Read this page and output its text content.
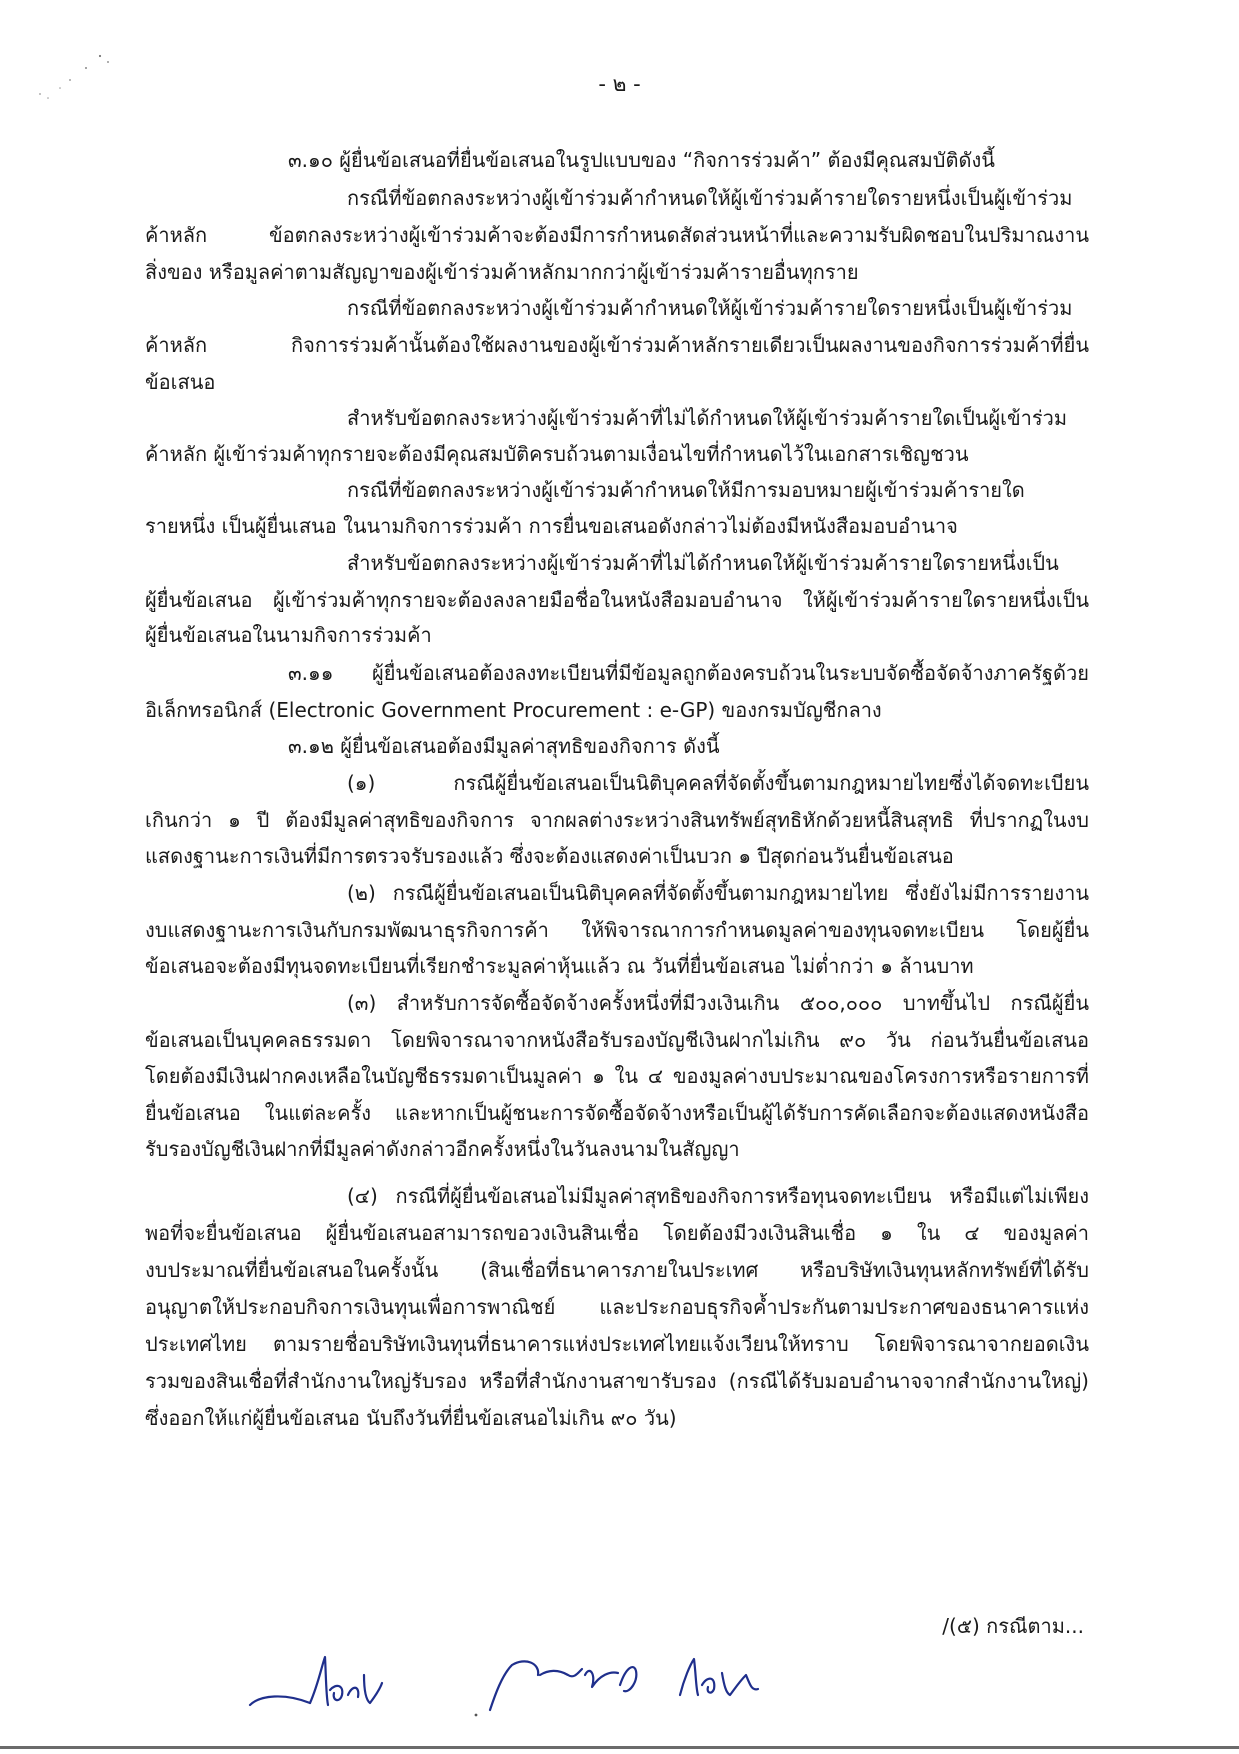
- ๒ -
๓.๑๐ ผู้ยื่นข้อเสนอที่ยื่นข้อเสนอในรูปแบบของ “กิจการร่วมค้า” ต้องมีคุณสมบัติดังนี้
กรณีที่ข้อตกลงระหว่างผู้เข้าร่วมค้ากำหนดให้ผู้เข้าร่วมค้ารายใดรายหนึ่งเป็นผู้เข้าร่วม
ค้าหลัก ข้อตกลงระหว่างผู้เข้าร่วมค้าจะต้องมีการกำหนดสัดส่วนหน้าที่และความรับผิดชอบในปริมาณงาน
สิ่งของ หรือมูลค่าตามสัญญาของผู้เข้าร่วมค้าหลักมากกว่าผู้เข้าร่วมค้ารายอื่นทุกราย
กรณีที่ข้อตกลงระหว่างผู้เข้าร่วมค้ากำหนดให้ผู้เข้าร่วมค้ารายใดรายหนึ่งเป็นผู้เข้าร่วม
ค้าหลัก กิจการร่วมค้านั้นต้องใช้ผลงานของผู้เข้าร่วมค้าหลักรายเดียวเป็นผลงานของกิจการร่วมค้าที่ยื่น
ข้อเสนอ
สำหรับข้อตกลงระหว่างผู้เข้าร่วมค้าที่ไม่ได้กำหนดให้ผู้เข้าร่วมค้ารายใดเป็นผู้เข้าร่วม
ค้าหลัก ผู้เข้าร่วมค้าทุกรายจะต้องมีคุณสมบัติครบถ้วนตามเงื่อนไขที่กำหนดไว้ในเอกสารเชิญชวน
กรณีที่ข้อตกลงระหว่างผู้เข้าร่วมค้ากำหนดให้มีการมอบหมายผู้เข้าร่วมค้ารายใด
รายหนึ่ง เป็นผู้ยื่นเสนอ ในนามกิจการร่วมค้า การยื่นขอเสนอดังกล่าวไม่ต้องมีหนังสือมอบอำนาจ
สำหรับข้อตกลงระหว่างผู้เข้าร่วมค้าที่ไม่ได้กำหนดให้ผู้เข้าร่วมค้ารายใดรายหนึ่งเป็น
ผู้ยื่นข้อเสนอ ผู้เข้าร่วมค้าทุกรายจะต้องลงลายมือชื่อในหนังสือมอบอำนาจ ให้ผู้เข้าร่วมค้ารายใดรายหนึ่งเป็น
ผู้ยื่นข้อเสนอในนามกิจการร่วมค้า
๓.๑๑ ผู้ยื่นข้อเสนอต้องลงทะเบียนที่มีข้อมูลถูกต้องครบถ้วนในระบบจัดซื้อจัดจ้างภาครัฐด้วย
อิเล็กทรอนิกส์ (Electronic Government Procurement : e-GP) ของกรมบัญชีกลาง
๓.๑๒ ผู้ยื่นข้อเสนอต้องมีมูลค่าสุทธิของกิจการ ดังนี้
(๑) กรณีผู้ยื่นข้อเสนอเป็นนิติบุคคลที่จัดตั้งขึ้นตามกฎหมายไทยซึ่งได้จดทะเบียน
เกินกว่า ๑ ปี ต้องมีมูลค่าสุทธิของกิจการ จากผลต่างระหว่างสินทรัพย์สุทธิหักด้วยหนี้สินสุทธิ ที่ปรากฏในงบ
แสดงฐานะการเงินที่มีการตรวจรับรองแล้ว ซึ่งจะต้องแสดงค่าเป็นบวก ๑ ปีสุดก่อนวันยื่นข้อเสนอ
(๒) กรณีผู้ยื่นข้อเสนอเป็นนิติบุคคลที่จัดตั้งขึ้นตามกฎหมายไทย ซึ่งยังไม่มีการรายงาน
งบแสดงฐานะการเงินกับกรมพัฒนาธุรกิจการค้า ให้พิจารณาการกำหนดมูลค่าของทุนจดทะเบียน โดยผู้ยื่น
ข้อเสนอจะต้องมีทุนจดทะเบียนที่เรียกชำระมูลค่าหุ้นแล้ว ณ วันที่ยื่นข้อเสนอ ไม่ต่ำกว่า ๑ ล้านบาท
(๓) สำหรับการจัดซื้อจัดจ้างครั้งหนึ่งที่มีวงเงินเกิน ๕๐๐,๐๐๐ บาทขึ้นไป กรณีผู้ยื่น
ข้อเสนอเป็นบุคคลธรรมดา โดยพิจารณาจากหนังสือรับรองบัญชีเงินฝากไม่เกิน ๙๐ วัน ก่อนวันยื่นข้อเสนอ
โดยต้องมีเงินฝากคงเหลือในบัญชีธรรมดาเป็นมูลค่า ๑ ใน ๔ ของมูลค่างบประมาณของโครงการหรือรายการที่
ยื่นข้อเสนอ ในแต่ละครั้ง และหากเป็นผู้ชนะการจัดซื้อจัดจ้างหรือเป็นผู้ได้รับการคัดเลือกจะต้องแสดงหนังสือ
รับรองบัญชีเงินฝากที่มีมูลค่าดังกล่าวอีกครั้งหนึ่งในวันลงนามในสัญญา
(๔) กรณีที่ผู้ยื่นข้อเสนอไม่มีมูลค่าสุทธิของกิจการหรือทุนจดทะเบียน หรือมีแต่ไม่เพียง
พอที่จะยื่นข้อเสนอ ผู้ยื่นข้อเสนอสามารถขอวงเงินสินเชื่อ โดยต้องมีวงเงินสินเชื่อ ๑ ใน ๔ ของมูลค่า
งบประมาณที่ยื่นข้อเสนอในครั้งนั้น (สินเชื่อที่ธนาคารภายในประเทศ หรือบริษัทเงินทุนหลักทรัพย์ที่ได้รับ
อนุญาตให้ประกอบกิจการเงินทุนเพื่อการพาณิชย์ และประกอบธุรกิจค้ำประกันตามประกาศของธนาคารแห่ง
ประเทศไทย ตามรายชื่อบริษัทเงินทุนที่ธนาคารแห่งประเทศไทยแจ้งเวียนให้ทราบ โดยพิจารณาจากยอดเงิน
รวมของสินเชื่อที่สำนักงานใหญ่รับรอง หรือที่สำนักงานสาขารับรอง (กรณีได้รับมอบอำนาจจากสำนักงานใหญ่)
ซึ่งออกให้แก่ผู้ยื่นข้อเสนอ นับถึงวันที่ยื่นข้อเสนอไม่เกิน ๙๐ วัน)
/(๕) กรณีตาม...
